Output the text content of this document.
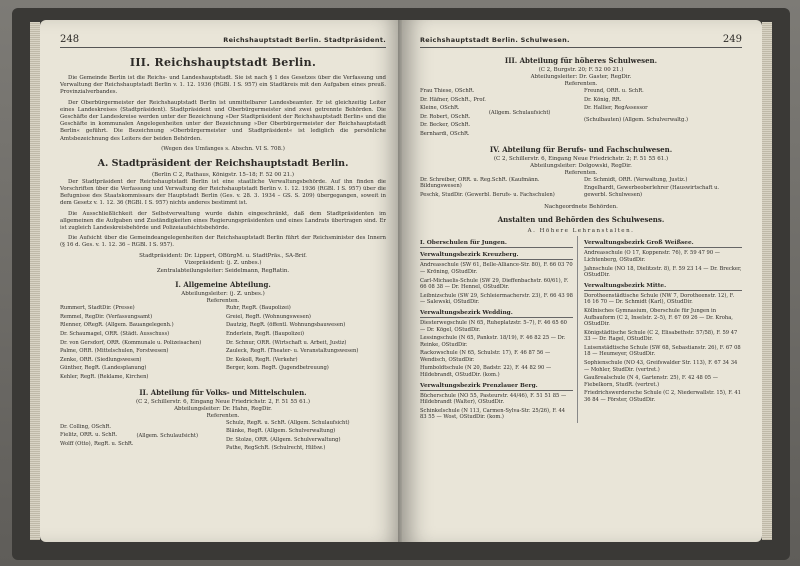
248	Reichshauptstadt Berlin. Stadtpräsident.
III. Reichshauptstadt Berlin.

Die Gemeinde Berlin ist die Reichs- und Landeshauptstadt. Sie ist nach § 1 des Gesetzes über die Verfassung und Verwaltung der Reichshauptstadt Berlin v. 1. 12. 1936 (RGBl. I S. 957) ein Stadtkreis mit den Aufgaben eines preuß. Provinzialverbandes.

Der Oberbürgermeister der Reichshauptstadt Berlin ist unmittelbarer Landesbeamter. Er ist gleichzeitig Leiter eines Landeskreises (Stadtpräsident). Stadtpräsident und Oberbürgermeister sind zwei getrennte Behörden. Die Geschäfte der Landeskreise werden unter der Bezeichnung »Der Stadtpräsident der Reichshauptstadt Berlin« und die Geschäfte in kommunalen Angelegenheiten unter der Bezeichnung »Der Oberbürgermeister der Reichshauptstadt Berlin« geführt. Die Bezeichnung »Oberbürgermeister und Stadtpräsident« ist lediglich die persönliche Amtsbezeichnung des Leiters der beiden Behörden.

(Wegen des Umfanges s. Abschn. VI S. 708.)

A. Stadtpräsident der Reichshauptstadt Berlin.

(Berlin C 2, Rathaus, Königstr. 15–18; F. 52 00 21.)

Der Stadtpräsident der Reichshauptstadt Berlin ist eine staatliche Verwaltungsbehörde. Auf ihn finden die Vorschriften über die Verfassung und Verwaltung der Reichshauptstadt Berlin v. 1. 12. 1936 (RGBl. I S. 957) über die Befugnisse des Staatskommissars der Hauptstadt Berlin (Ges. v. 28. 3. 1934 – GS. S. 209) übergegangen, soweit in dem Gesetz v. 1. 12. 36 (RGBl. I S. 957) nichts anderes bestimmt ist.

Die Ausschließlichkeit der Selbstverwaltung wurde dahin eingeschränkt, daß dem Stadtpräsidenten im allgemeinen die Aufgaben und Zuständigkeiten eines Regierungspräsidenten und eines Landrats übertragen sind. Er ist zugleich Landeskreisbehörde und Polizeiaufsichtsbehörde.

Die Aufsicht über die Gemeindeangelegenheiten der Reichshauptstadt Berlin führt der Reichsminister des Innern (§ 16 d. Ges. v. 1. 12. 36 – RGBl. I S. 957).

Stadtpräsident: Dr. Lippert, OBürgM. u. StadtPräs., SA-Brif.

Vizepräsident: (j. Z. unbes.)

Zentralabteilungsleiter: Seidelmann, RegRatin.

I. Allgemeine Abteilung.

Abteilungsleiter: (j. Z. unbes.)

Referenten.

Rummert, StadtDir. (Presse)

Remmel, RegDir. (Verfassungsamt)

Rlenner, ORegR. (Allgem. Bauangelegenh.)

Dr. Schaumagel, ORR. (Städt. Ausschuss)

Dr. von Gersdorf, ORR. (Kommunale u. Polizeisachen)

Palme, ORR. (Mittelschulen, Forstwesen)

Zenke, ORR. (Siedlungswesen)

Günther, RegR. (Landesplanung)

Kehler, RegR. (Reklame, Kirchen)

Ruhr, RegR. (Baupolizei)

Greiel, RegR. (Wohnungswesen)

Dautzig, RegR. (öffentl. Wohnungsbauwesen)

Enderlein, RegR. (Baupolizei)

Dr. Schnur, ORR. (Wirtschaft u. Arbeit, Justiz)

Zauleck, RegR. (Theater- u. Veranstaltungswesen)

Dr. Kokoll, RegR. (Verkehr)

Berger, kom. RegR. (Jugendbetreuung)

II. Abteilung für Volks- und Mittelschulen.

(C 2, Schillerstr. 6, Eingang Neue Friedrichstr. 2, F. 51 55 61.)

Abteilungsleiter: Dr. Hahn, RegDir.

Referenten.

Dr. Colling, OSchR.

Fielitz, ORR. u. SchR.

Wolff (Otto), RegR. u. SchR.

(Allgem. Schulaufsicht)

Schulz, RegR. u. SchR. (Allgem. Schulaufsicht)

Blänke, RegR. (Allgem. Schulverwaltung)

Dr. Stolze, ORR. (Allgem. Schulverwaltung)

Pathe, RegSchR. (Schulrecht, Hilfsw.)

Reichshauptstadt Berlin. Schulwesen.	249
III. Abteilung für höheres Schulwesen.

(C 2, Burgstr. 20; F. 52 00 21.)

Abteilungsleiter: Dr. Gaster, RegDir.

Referenten.

Frau Thiese, OSchR.

Dr. Häfner, OSchR., Prof.

Kleine, OSchR.

Dr. Robert, OSchR.

Dr. Becker, OSchR.

Bernhardi, OSchR.

(Allgem. Schulaufsicht)

Freund, ORR. u. SchR.

Dr. König, RR.

Dr. Hallier, RegAssessor

(Schulbauten) (Allgem. Schulverwaltg.)

IV. Abteilung für Berufs- und Fachschulwesen.

(C 2, Schillerstr. 6, Eingang Neue Friedrichstr. 2; F. 51 55 61.)

Abteilungsleiter: Dolgowski, RegDir.

Referenten.

Dr. Schreiber, ORR. u. Reg.SchR. (Kaufmänn. Bildungswesen)

Peschk, StudDir. (Gewerbl. Berufs- u. Fachschulen)

Dr. Schmidt, ORR. (Verwaltung, Justiz.)

Engelhardt, Gewerbeoberlehrer (Hauswirtschaft u. gewerbl. Schulwesen)

Nachgeordnete Behörden.

Anstalten und Behörden des Schulwesens.

A. Höhere Lehranstalten.

I. Oberschulen für Jungen.

Verwaltungsbezirk Kreuzberg.

Andreasschule (SW 61, Belle-Alliance-Str. 80), F. 66 03 70 — Kröning, OStudDir.

Carl-Michaelis-Schule (SW 29, Dieffenbachstr. 60/61), F. 66 08 38 — Dr. Hennel, OStudDir.

Leibnizschule (SW 29, Schleiermacherstr. 23), F. 66 43 98 — Salewski, OStudDir.

Verwaltungsbezirk Wedding.

Diesterwegschule (N 65, Ruheplatzstr. 5–7), F. 46 65 60 — Dr. Kögel, OStudDir.

Lessingschule (N 65, Pankstr. 18/19), F. 46 82 25 — Dr. Reinke, OStudDir.

Rackowschule (N 65, Schulstr. 17), F. 46 87 56 — Wendisch, OStudDir.

Humboldtschule (N 20, Badstr. 22), F. 44 82 90 — Hildebrandt, OStudDir. (kom.)

Verwaltungsbezirk Prenzlauer Berg.

Bücherschule (NO 55, Pasteurstr. 44/46), F. 51 51 85 — Hildebrandt (Walter), OStudDir.

Schinkelschule (N 113, Carmen-Sylva-Str. 25/26), F. 44 83 55 — Wost, OStudDir. (kom.)

Verwaltungsbezirk Groß Weißsee.

Andreasschule (O 17, Koppenstr. 76), F. 59 47 90 — Lichtenberg, OStudDir.

Jahnschule (NO 18, Dielitzstr. 8), F. 59 23 14 — Dr. Brecker, OStudDir.

Verwaltungsbezirk Mitte.

Dorotheenstädtische Schule (NW 7, Dorotheenstr. 12), F. 16 16 70 — Dr. Schmidt (Karl), OStudDir.

Köllnisches Gymnasium, Oberschule für Jungen in Aufbauform (C 2, Inselstr. 2–5), F. 67 09 26 — Dr. Kroha, OStudDir.

Königstädtische Schule (C 2, Elisabethstr. 57/58), F. 59 47 33 — Dr. Ragel, OStudDir.

Luisenstädtische Schule (SW 68, Sebastianstr. 26), F. 67 08 18 — Heumeyer, OStudDir.

Sophienschule (NO 43, Greifswalder Str. 113), F. 67 34 34 — Mohler, StudDir. (vertret.)

Gaußrealschule (N 4, Gartenstr. 25), F. 42 48 05 — Fiebelkorn, StudR. (vertret.)

Friedrichswerdersche Schule (C 2, Niederwallstr. 15), F. 41 36 84 — Förster, OStudDir.
